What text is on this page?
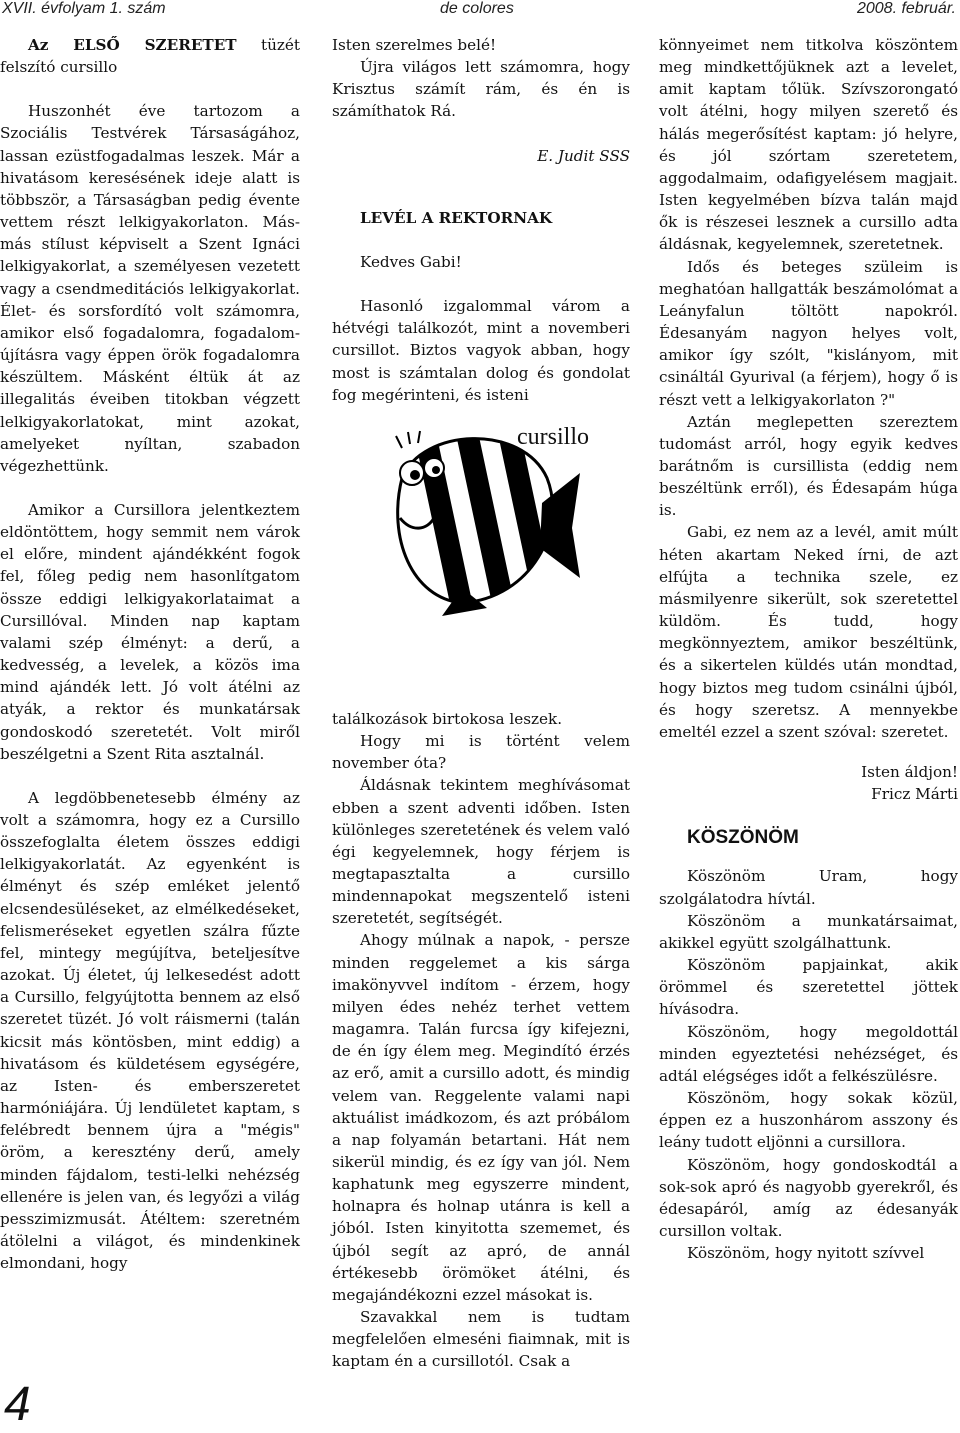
XVII. évfolyam 1. szám	de colores	2008. február.

Az ELSŐ SZERETET tüzét felszító cursillo

Huszonhét éve tartozom a Szociális Testvérek Társaságához, lassan ezüstfogadalmas leszek. Már a hivatásom keresésének ideje alatt is többször, a Társaságban pedig évente vettem részt lelkigyakorlaton. Más-más stílust képviselt a Szent Ignáci lelkigyakorlat, a személyesen vezetett vagy a csendmeditációs lelkigyakorlat. Élet- és sorsfordító volt számomra, amikor első fogadalomra, fogadalom-újításra vagy éppen örök fogadalomra készültem. Másként éltük át az illegalitás éveiben titokban végzett lelkigyakorlatokat, mint azokat, amelyeket nyíltan, szabadon végezhettünk.

Amikor a Cursillora jelentkeztem eldöntöttem, hogy semmit nem várok el előre, mindent ajándékként fogok fel, főleg pedig nem hasonlítgatom össze eddigi lelkigyakorlataimat a Cursillóval. Minden nap kaptam valami szép élményt: a derű, a kedvesség, a levelek, a közös ima mind ajándék lett. Jó volt átélni az atyák, a rektor és munkatársak gondoskodó szeretetét. Volt miről beszélgetni a Szent Rita asztalnál.

A legdöbbenetesebb élmény az volt a számomra, hogy ez a Cursillo összefoglalta életem összes eddigi lelkigyakorlatát. Az egyenként is élményt és szép emléket jelentő elcsendesüléseket, az elmélkedéseket, felismeréseket egyetlen szálra fűzte fel, mintegy megújítva, beteljesítve azokat. Új életet, új lelkesedést adott a Cursillo, felgyújtotta bennem az első szeretet tüzét. Jó volt ráismerni (talán kicsit más köntösben, mint eddig) a hivatásom és küldetésem egységére, az Isten- és emberszeretet harmóniájára. Új lendületet kaptam, s felébredt bennem újra a "mégis" öröm, a keresztény derű, amely minden fájdalom, testi-lelki nehézség ellenére is jelen van, és legyőzi a világ pesszimizmusát. Átéltem: szeretném átölelni a világot, és mindenkinek elmondani, hogy

Isten szerelmes belé!

Újra világos lett számomra, hogy Krisztus számít rám, és én is számíthatok Rá.

E. Judit SSS

LEVÉL A REKTORNAK

Kedves Gabi!

Hasonló izgalommal várom a hétvégi találkozót, mint a novemberi cursillot. Biztos vagyok abban, hogy most is számtalan dolog és gondolat fog megérinteni, és isteni

cursillo

találkozások birtokosa leszek.

Hogy mi is történt velem november óta?

Áldásnak tekintem meghívásomat ebben a szent adventi időben. Isten különleges szeretetének és velem való égi kegyelemnek, hogy férjem is megtapasztalta a cursillo mindennapokat megszentelő isteni szeretetét, segítségét.

Ahogy múlnak a napok, - persze minden reggelemet a kis sárga imakönyvvel indítom - érzem, hogy milyen édes nehéz terhet vettem magamra. Talán furcsa így kifejezni, de én így élem meg. Megindító érzés az erő, amit a cursillo adott, és mindig velem van. Reggelente valami napi aktuálist imádkozom, és azt próbálom a nap folyamán betartani. Hát nem sikerül mindig, és ez így van jól. Nem kaphatunk meg egyszerre mindent, holnapra és holnap utánra is kell a jóból. Isten kinyitotta szememet, és újból segít az apró, de annál értékesebb örömöket átélni, és megajándékozni ezzel másokat is.

Szavakkal nem is tudtam megfelelően elmeséni fiaimnak, mit is kaptam én a cursillotól. Csak a

könnyeimet nem titkolva köszöntem meg mindkettőjüknek azt a levelet, amit kaptam tőlük. Szívszorongató volt átélni, hogy milyen szerető és hálás megerősítést kaptam: jó helyre, és jól szórtam szeretetem, aggodalmaim, odafigyelésem magjait. Isten kegyelmében bízva talán majd ők is részesei lesznek a cursillo adta áldásnak, kegyelemnek, szeretetnek.

Idős és beteges szüleim is meghatóan hallgatták beszámolómat a Leányfalun töltött napokról. Édesanyám nagyon helyes volt, amikor így szólt, "kislányom, mit csináltál Gyurival (a férjem), hogy ő is részt vett a lelkigyakorlaton ?"

Aztán meglepetten szereztem tudomást arról, hogy egyik kedves barátnőm is cursillista (eddig nem beszéltünk erről), és Édesapám húga is.

Gabi, ez nem az a levél, amit múlt héten akartam Neked írni, de azt elfújta a technika szele, ez másmilyenre sikerült, sok szeretettel küldöm. És tudd, hogy megkönnyeztem, amikor beszéltünk, és a sikertelen küldés után mondtad, hogy biztos meg tudom csinálni újból, és hogy szeretsz. A mennyekbe emeltél ezzel a szent szóval: szeretet.

Isten áldjon!

Fricz Márti

KÖSZÖNÖM

Köszönöm Uram, hogy szolgálatodra hívtál.

Köszönöm a munkatársaimat, akikkel együtt szolgálhattunk.

Köszönöm papjainkat, akik örömmel és szeretettel jöttek hívásodra.

Köszönöm, hogy megoldottál minden egyeztetési nehézséget, és adtál elégséges időt a felkészülésre.

Köszönöm, hogy sokak közül, éppen ez a huszonhárom asszony és leány tudott eljönni a cursillora.

Köszönöm, hogy gondoskodtál a sok-sok apró és nagyobb gyerekről, és édesapáról, amíg az édesanyák cursillon voltak.

Köszönöm, hogy nyitott szívvel

4
